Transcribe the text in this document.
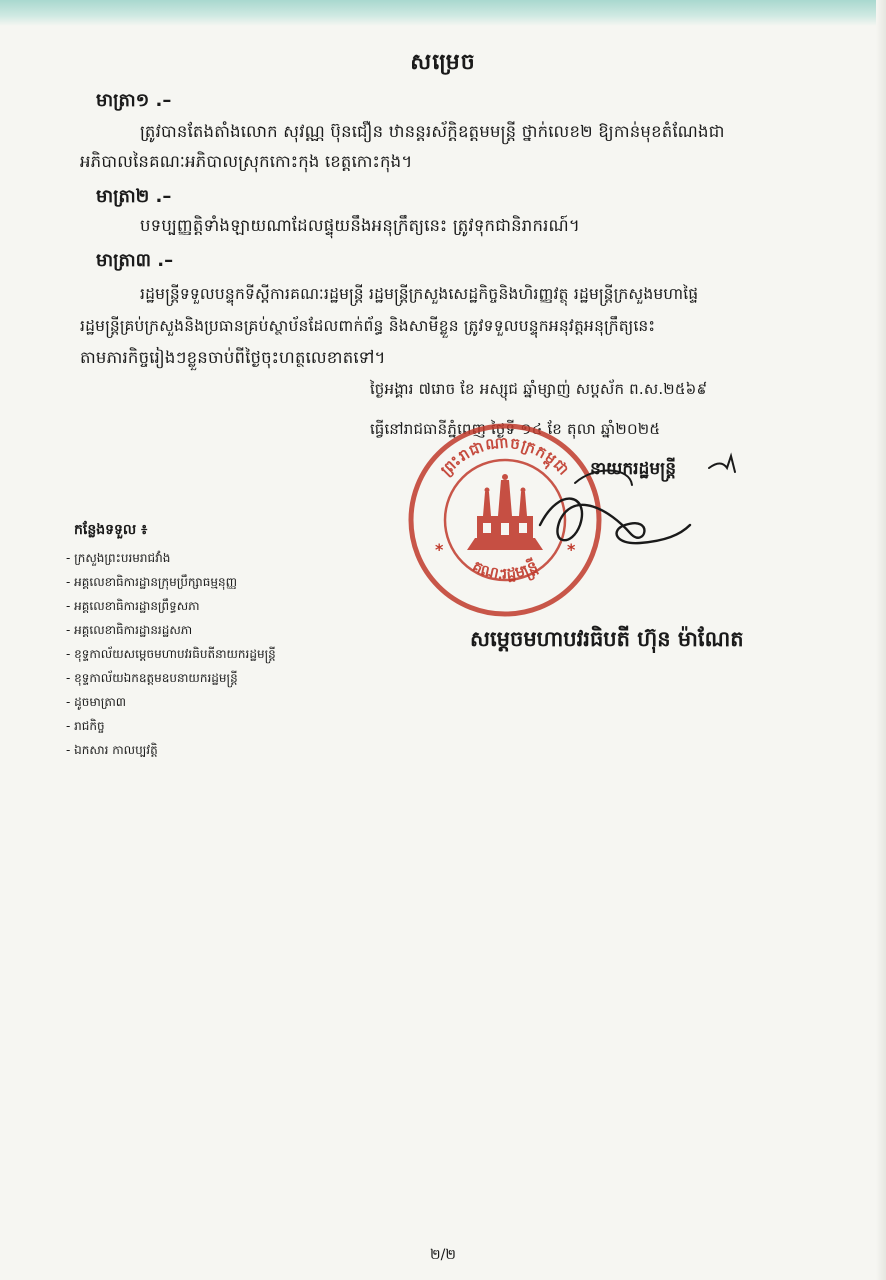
សម្រេច
មាត្រា១ .–
ត្រូវបានតែងតាំងលោក សុវណ្ណ ប៊ុនជឿន ឋានន្តរស័ក្តិឧត្តមមន្ត្រី ថ្នាក់លេខ២ ឱ្យកាន់មុខតំណែងជា
អភិបាលនៃគណៈអភិបាលស្រុកកោះកុង ខេត្តកោះកុង។
មាត្រា២ .–
បទប្បញ្ញត្តិទាំងឡាយណាដែលផ្ទុយនឹងអនុក្រឹត្យនេះ ត្រូវទុកជានិរាករណ៍។
មាត្រា៣ .–
រដ្ឋមន្ត្រីទទួលបន្ទុកទីស្តីការគណៈរដ្ឋមន្ត្រី រដ្ឋមន្ត្រីក្រសួងសេដ្ឋកិច្ចនិងហិរញ្ញវត្ថុ រដ្ឋមន្ត្រីក្រសួងមហាផ្ទៃ
រដ្ឋមន្ត្រីគ្រប់ក្រសួងនិងប្រធានគ្រប់ស្ថាប័នដែលពាក់ព័ន្ធ និងសាមីខ្លួន ត្រូវទទួលបន្ទុកអនុវត្តអនុក្រឹត្យនេះ
តាមភារកិច្ចរៀងៗខ្លួនចាប់ពីថ្ងៃចុះហត្ថលេខាតទៅ។
ថ្ងៃអង្គារ ៧រោច ខែ អស្សុជ ឆ្នាំម្សាញ់ សប្តស័ក ព.ស.២៥៦៩
ធ្វើនៅរាជធានីភ្នំពេញ ថ្ងៃទី ១៤ ខែ តុលា ឆ្នាំ២០២៥
នាយករដ្ឋមន្ត្រី
ព្រះរាជាណាចក្រកម្ពុជា
គណៈរដ្ឋមន្ត្រី
*	*
កន្លែងទទួល ៖
- ក្រសួងព្រះបរមរាជវាំង
- អគ្គលេខាធិការដ្ឋានក្រុមប្រឹក្សាធម្មនុញ្ញ
- អគ្គលេខាធិការដ្ឋានព្រឹទ្ធសភា
- អគ្គលេខាធិការដ្ឋានរដ្ឋសភា
- ខុទ្ទកាល័យសម្តេចមហាបវរធិបតីនាយករដ្ឋមន្ត្រី
- ខុទ្ទកាល័យឯកឧត្តមឧបនាយករដ្ឋមន្ត្រី
- ដូចមាត្រា៣
- រាជកិច្ច
- ឯកសារ កាលប្បវត្តិ
សម្តេចមហាបវរធិបតី ហ៊ុន ម៉ាណែត
២/២
